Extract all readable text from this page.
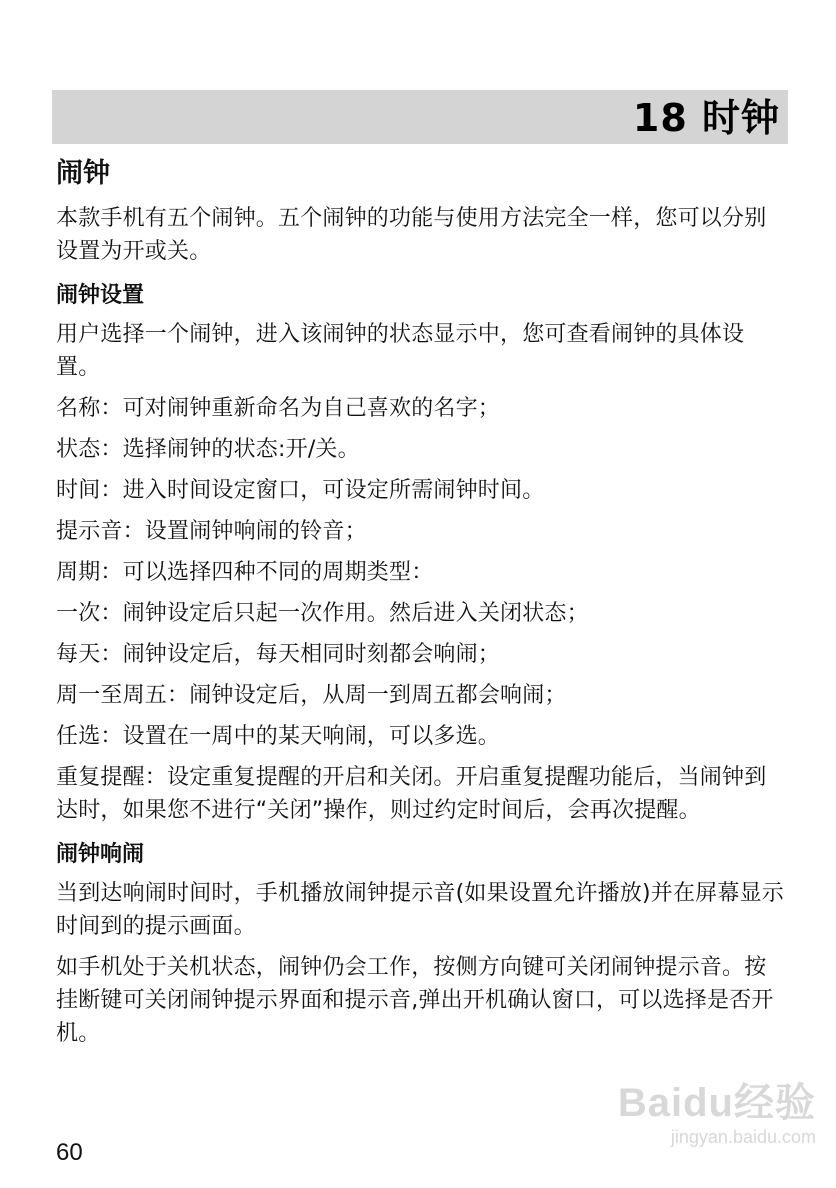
18 时钟
闹钟

本款手机有五个闹钟。五个闹钟的功能与使用方法完全一样，您可以分别设置为开或关。

闹钟设置

用户选择一个闹钟，进入该闹钟的状态显示中，您可查看闹钟的具体设置。

名称：可对闹钟重新命名为自己喜欢的名字；

状态：选择闹钟的状态:开/关。

时间：进入时间设定窗口，可设定所需闹钟时间。

提示音：设置闹钟响闹的铃音；

周期：可以选择四种不同的周期类型：

一次：闹钟设定后只起一次作用。然后进入关闭状态；

每天：闹钟设定后，每天相同时刻都会响闹；

周一至周五：闹钟设定后，从周一到周五都会响闹；

任选：设置在一周中的某天响闹，可以多选。

重复提醒：设定重复提醒的开启和关闭。开启重复提醒功能后，当闹钟到达时，如果您不进行“关闭”操作，则过约定时间后，会再次提醒。

闹钟响闹

当到达响闹时间时，手机播放闹钟提示音(如果设置允许播放)并在屏幕显示时间到的提示画面。

如手机处于关机状态，闹钟仍会工作，按侧方向键可关闭闹钟提示音。按挂断键可关闭闹钟提示界面和提示音,弹出开机确认窗口，可以选择是否开机。

60
Baidu经验
jingyan.baidu.com
